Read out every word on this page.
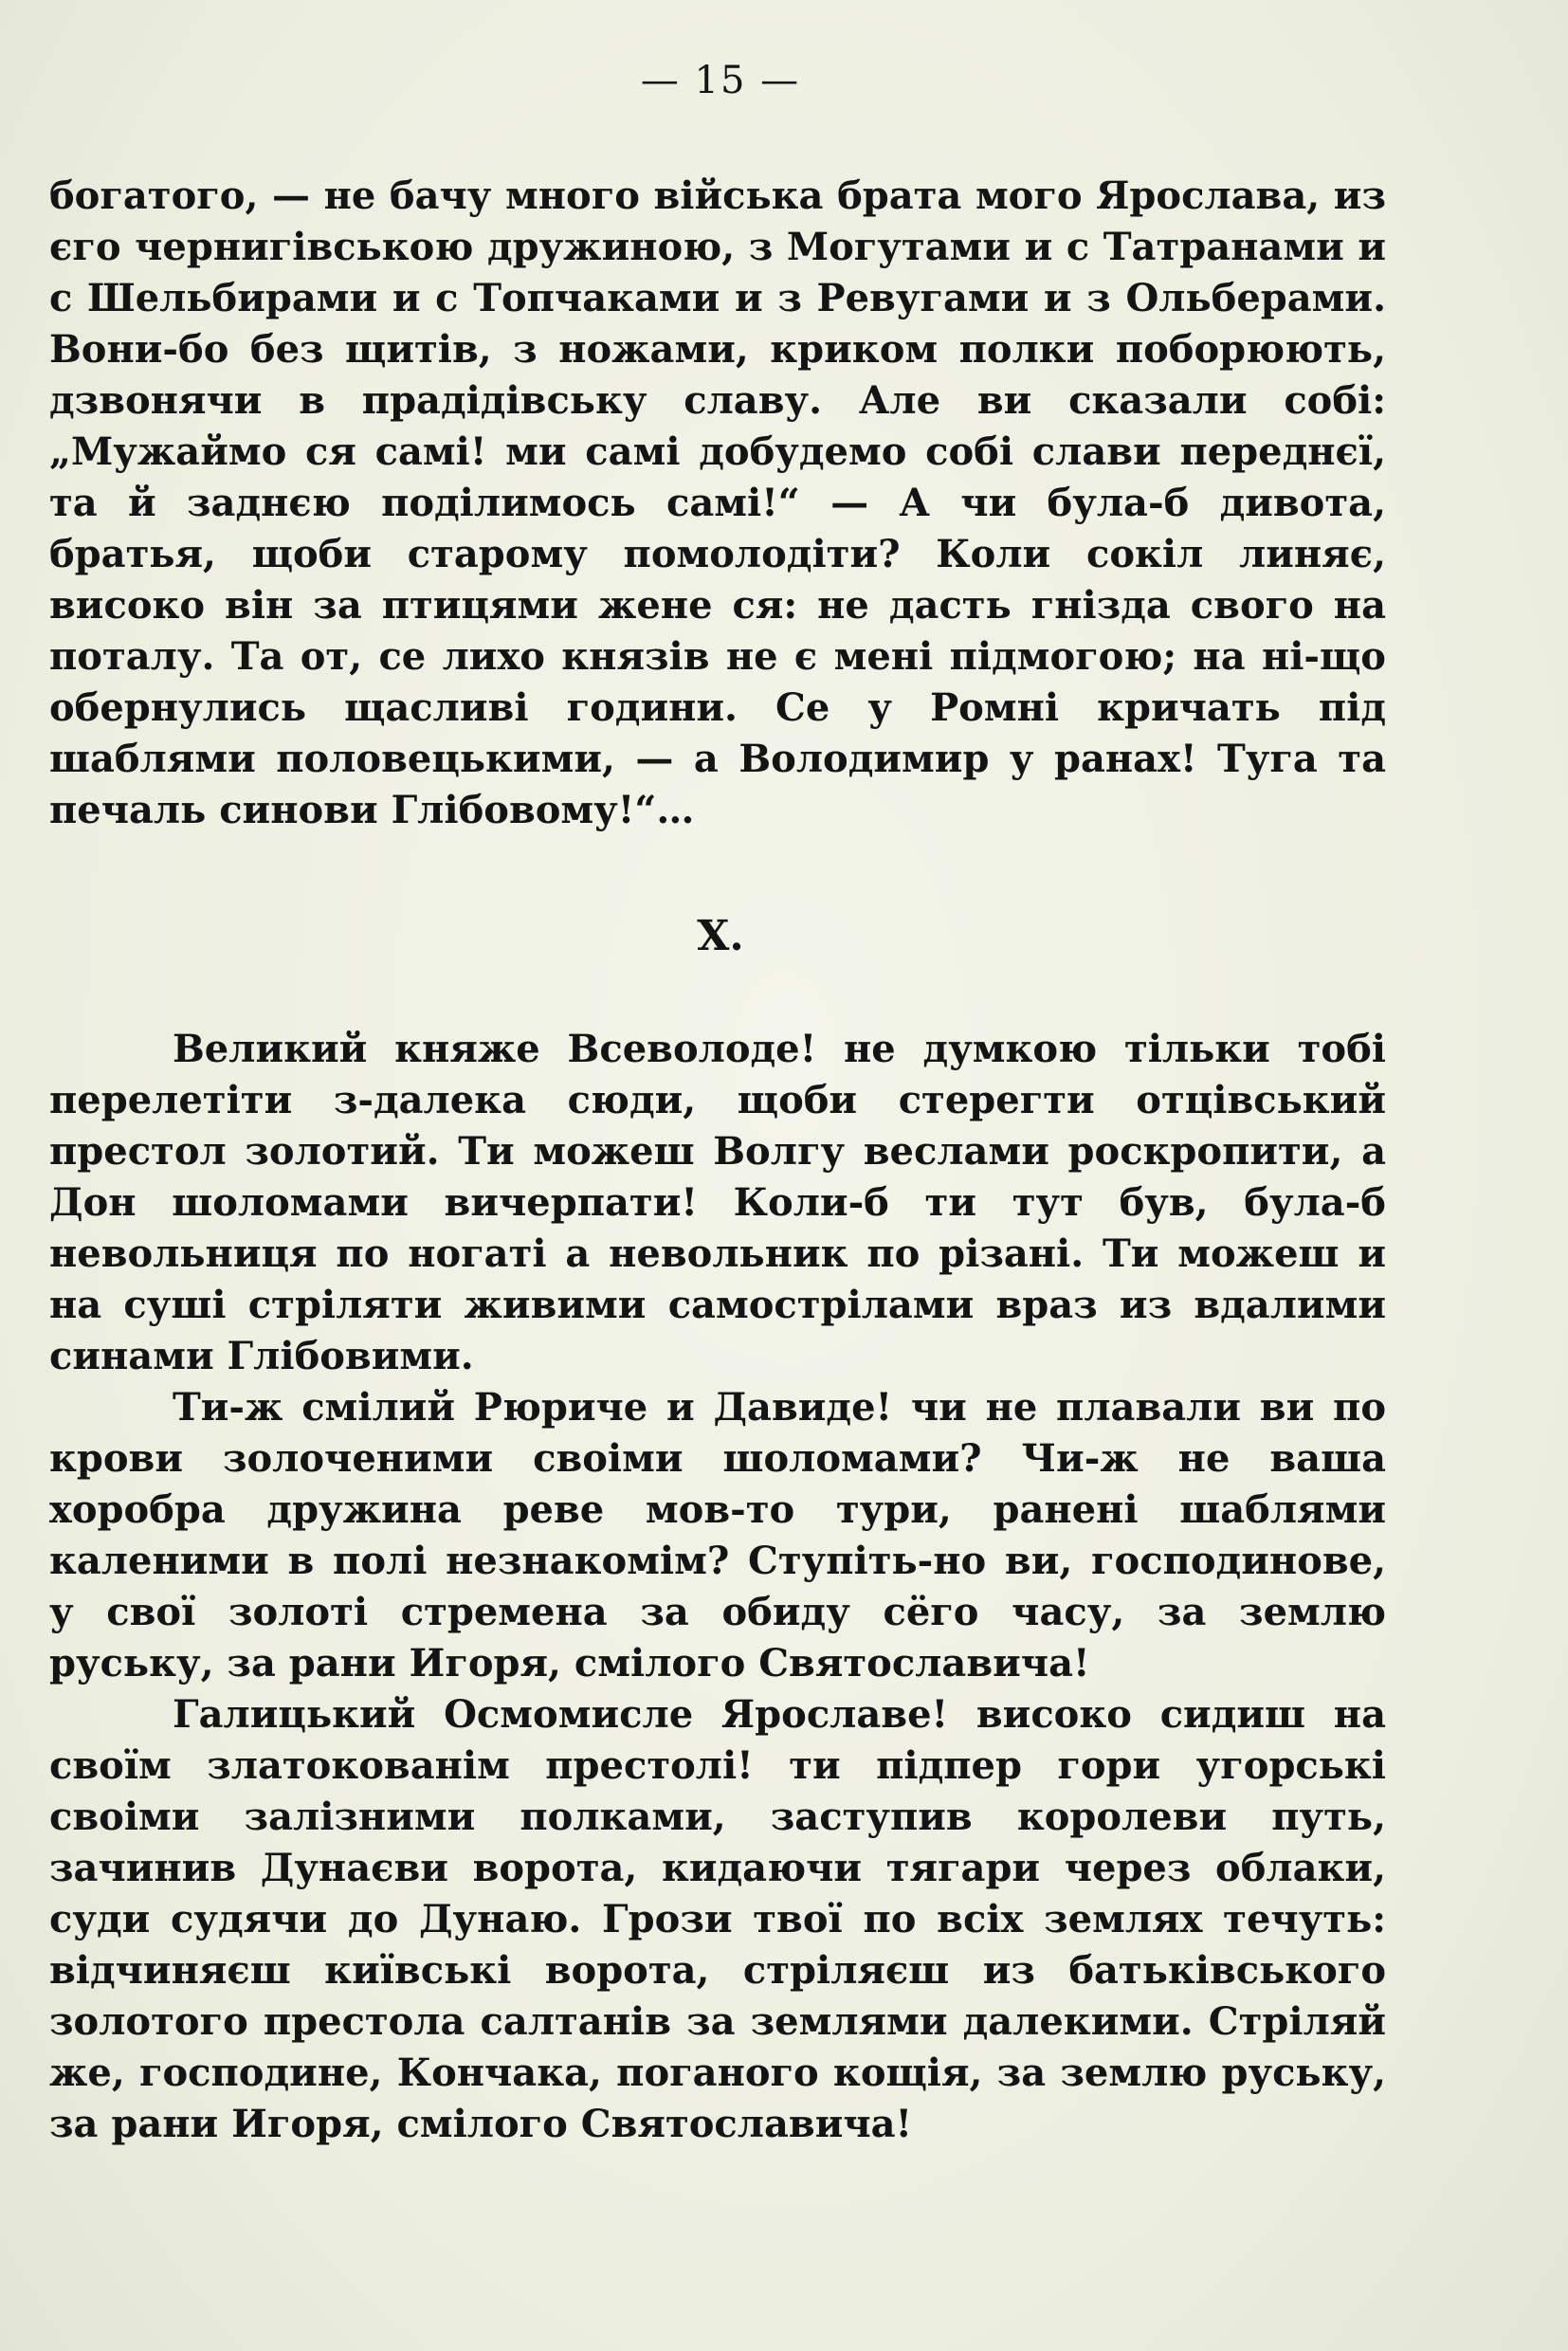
— 15 —

богатого, — не бачу много війська брата мого Ярослава, из єго чернигівською дружиною, з Могутами и с Татранами и с Шельбирами и с Топчаками и з Ревугами и з Ольберами. Вони-бо без щитів, з ножами, криком полки поборюють, дзвонячи в прадідівську славу. Але ви сказали собі: „Мужаймо ся самі! ми самі добудемо собі слави переднєї, та й заднєю поділимось самі!“ — А чи була-б дивота, братья, щоби старому помолодіти? Коли сокіл линяє, високо він за птицями жене ся: не дасть гнізда свого на поталу. Та от, се лихо князів не є мені підмогою; на ні-що обернулись щасливі години. Се у Ромні кричать під шаблями половецькими, — а Володимир у ранах! Туга та печаль синови Глібовому!“…

X.

Великий княже Всеволоде! не думкою тільки тобі перелетіти з-далека сюди, щоби стерегти отцівський престол золотий. Ти можеш Волгу веслами роскропити, а Дон шоломами вичерпати! Коли-б ти тут був, була-б невольниця по ногаті а невольник по різані. Ти можеш и на суші стріляти живими самострілами враз из вдалими синами Глібовими.

Ти-ж смілий Рюриче и Давиде! чи не плавали ви по крови золоченими своіми шоломами? Чи-ж не ваша хоробра дружина реве мов-то тури, ранені шаблями каленими в полі незнакомім? Ступіть-но ви, господинове, у свої золоті стремена за обиду сёго часу, за землю руську, за рани Игоря, смілого Святославича!

Галицький Осмомисле Ярославе! високо сидиш на своїм златокованім престолі! ти підпер гори угорські своіми залізними полками, заступив королеви путь, зачинив Дунаєви ворота, кидаючи тягари через облаки, суди судячи до Дунаю. Грози твої по всіх землях течуть: відчиняєш київські ворота, стріляєш из батьківського золотого престола салтанів за землями далекими. Стріляй же, господине, Кончака, поганого кощія, за землю руську, за рани Игоря, смілого Святославича!
